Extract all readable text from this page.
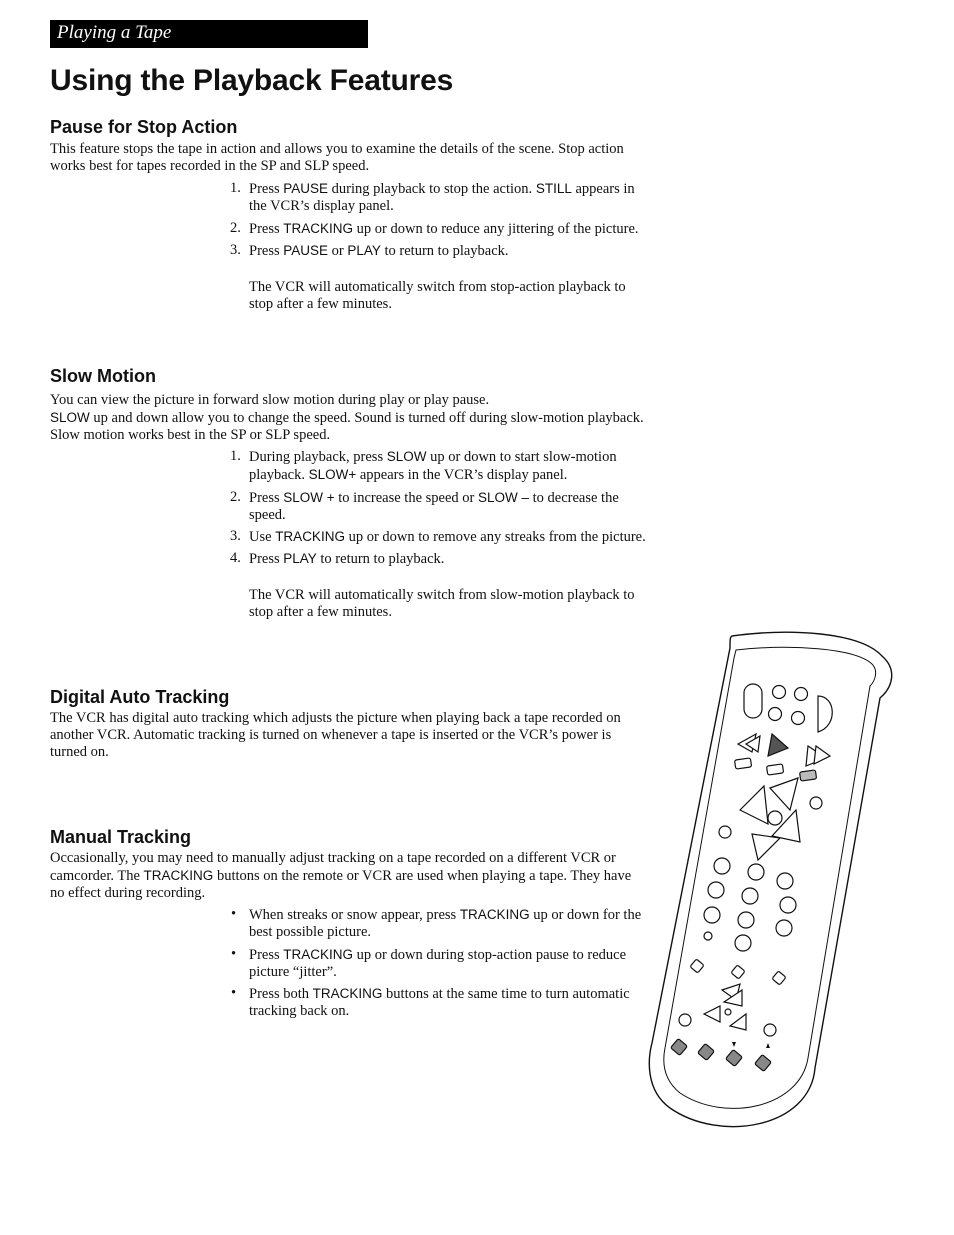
Playing a Tape
Using the Playback Features
Pause for Stop Action

This feature stops the tape in action and allows you to examine the details of the scene. Stop action works best for tapes recorded in the SP and SLP speed.

1. Press PAUSE during playback to stop the action. STILL appears in the VCR’s display panel.
2. Press TRACKING up or down to reduce any jittering of the picture.
3. Press PAUSE or PLAY to return to playback.

The VCR will automatically switch from stop-action playback to stop after a few minutes.

Slow Motion

You can view the picture in forward slow motion during play or play pause.
SLOW up and down allow you to change the speed. Sound is turned off during slow-motion playback. Slow motion works best in the SP or SLP speed.

1. During playback, press SLOW up or down to start slow-motion playback. SLOW+ appears in the VCR’s display panel.
2. Press SLOW + to increase the speed or SLOW – to decrease the speed.
3. Use TRACKING up or down to remove any streaks from the picture.
4. Press PLAY to return to playback.

The VCR will automatically switch from slow-motion playback to stop after a few minutes.

Digital Auto Tracking

The VCR has digital auto tracking which adjusts the picture when playing back a tape recorded on another VCR. Automatic tracking is turned on whenever a tape is inserted or the VCR’s power is turned on.

Manual Tracking

Occasionally, you may need to manually adjust tracking on a tape recorded on a different VCR or camcorder. The TRACKING buttons on the remote or VCR are used when playing a tape. They have no effect during recording.

• When streaks or snow appear, press TRACKING up or down for the best possible picture.
• Press TRACKING up or down during stop-action pause to reduce picture “jitter”.
• Press both TRACKING buttons at the same time to turn automatic tracking back on.
